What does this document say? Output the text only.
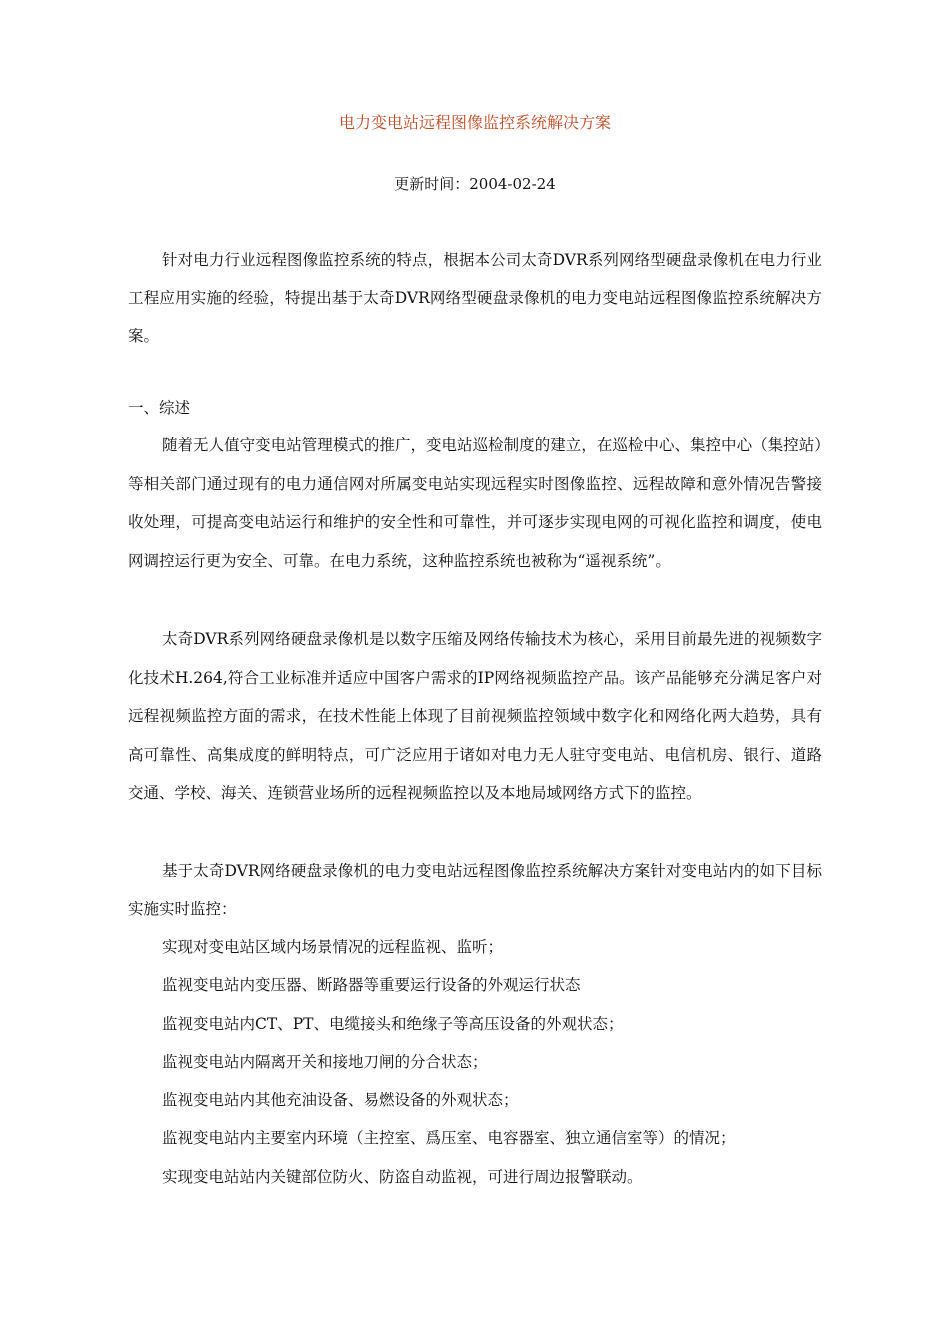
电力变电站远程图像监控系统解决方案
更新时间：2004-02-24

针对电力行业远程图像监控系统的特点，根据本公司太奇DVR系列网络型硬盘录像机在电力行业工程应用实施的经验，特提出基于太奇DVR网络型硬盘录像机的电力变电站远程图像监控系统解决方案。

一、综述

随着无人值守变电站管理模式的推广，变电站巡检制度的建立，在巡检中心、集控中心（集控站）等相关部门通过现有的电力通信网对所属变电站实现远程实时图像监控、远程故障和意外情况告警接收处理，可提高变电站运行和维护的安全性和可靠性，并可逐步实现电网的可视化监控和调度，使电网调控运行更为安全、可靠。在电力系统，这种监控系统也被称为“遥视系统”。

太奇DVR系列网络硬盘录像机是以数字压缩及网络传输技术为核心，采用目前最先进的视频数字化技术H.264,符合工业标准并适应中国客户需求的IP网络视频监控产品。该产品能够充分满足客户对远程视频监控方面的需求，在技术性能上体现了目前视频监控领域中数字化和网络化两大趋势，具有高可靠性、高集成度的鲜明特点，可广泛应用于诸如对电力无人驻守变电站、电信机房、银行、道路交通、学校、海关、连锁营业场所的远程视频监控以及本地局域网络方式下的监控。

基于太奇DVR网络硬盘录像机的电力变电站远程图像监控系统解决方案针对变电站内的如下目标实施实时监控：

实现对变电站区域内场景情况的远程监视、监听；
监视变电站内变压器、断路器等重要运行设备的外观运行状态
监视变电站内CT、PT、电缆接头和绝缘子等高压设备的外观状态；
监视变电站内隔离开关和接地刀闸的分合状态；
监视变电站内其他充油设备、易燃设备的外观状态；
监视变电站内主要室内环境（主控室、爲压室、电容器室、独立通信室等）的情况；
实现变电站站内关键部位防火、防盗自动监视，可进行周边报警联动。
